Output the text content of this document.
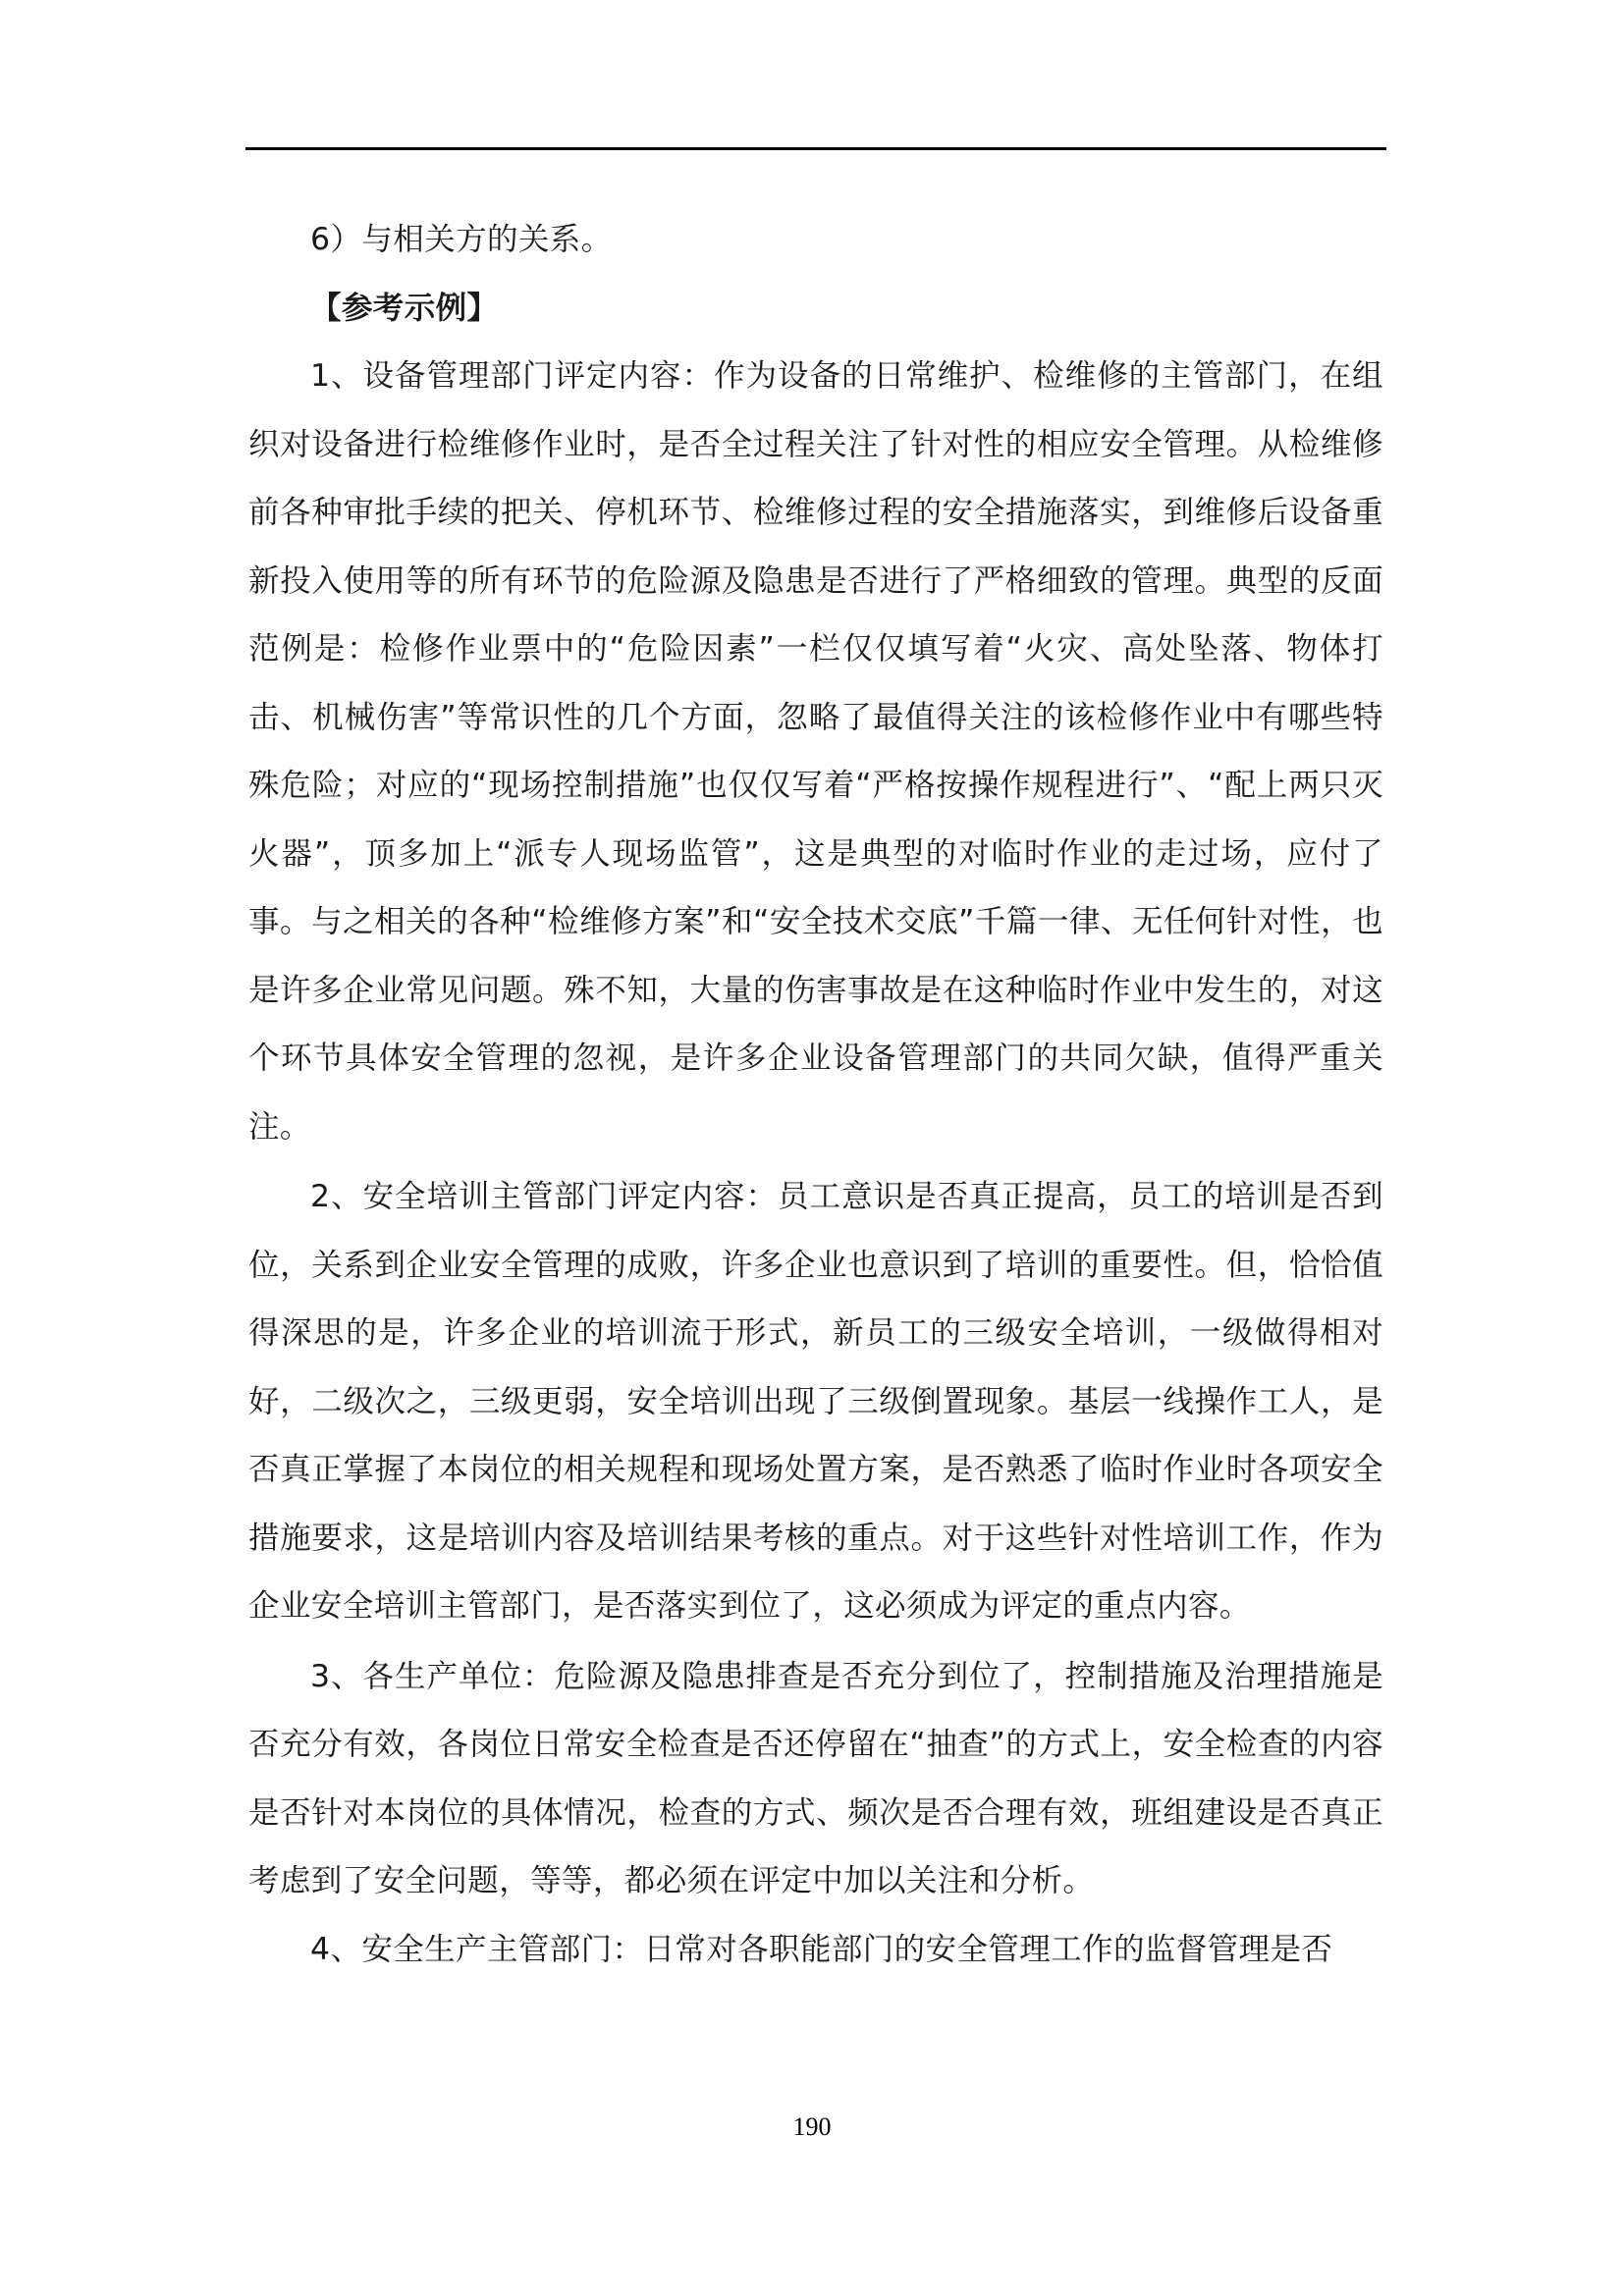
6）与相关方的关系。

【参考示例】

1、设备管理部门评定内容：作为设备的日常维护、检维修的主管部门，在组织对设备进行检维修作业时，是否全过程关注了针对性的相应安全管理。从检维修前各种审批手续的把关、停机环节、检维修过程的安全措施落实，到维修后设备重新投入使用等的所有环节的危险源及隐患是否进行了严格细致的管理。典型的反面范例是：检修作业票中的“危险因素”一栏仅仅填写着“火灾、高处坠落、物体打击、机械伤害”等常识性的几个方面，忽略了最值得关注的该检修作业中有哪些特殊危险；对应的“现场控制措施”也仅仅写着“严格按操作规程进行”、“配上两只灭火器”，顶多加上“派专人现场监管”，这是典型的对临时作业的走过场，应付了事。与之相关的各种“检维修方案”和“安全技术交底”千篇一律、无任何针对性，也是许多企业常见问题。殊不知，大量的伤害事故是在这种临时作业中发生的，对这个环节具体安全管理的忽视，是许多企业设备管理部门的共同欠缺，值得严重关注。

2、安全培训主管部门评定内容：员工意识是否真正提高，员工的培训是否到位，关系到企业安全管理的成败，许多企业也意识到了培训的重要性。但，恰恰值得深思的是，许多企业的培训流于形式，新员工的三级安全培训，一级做得相对好，二级次之，三级更弱，安全培训出现了三级倒置现象。基层一线操作工人，是否真正掌握了本岗位的相关规程和现场处置方案，是否熟悉了临时作业时各项安全措施要求，这是培训内容及培训结果考核的重点。对于这些针对性培训工作，作为企业安全培训主管部门，是否落实到位了，这必须成为评定的重点内容。

3、各生产单位：危险源及隐患排查是否充分到位了，控制措施及治理措施是否充分有效，各岗位日常安全检查是否还停留在“抽查”的方式上，安全检查的内容是否针对本岗位的具体情况，检查的方式、频次是否合理有效，班组建设是否真正考虑到了安全问题，等等，都必须在评定中加以关注和分析。

4、安全生产主管部门：日常对各职能部门的安全管理工作的监督管理是否

190
